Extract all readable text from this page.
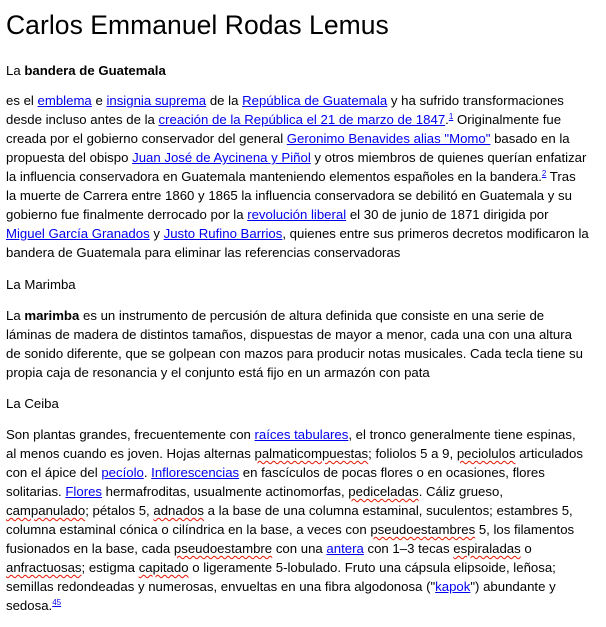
Carlos Emmanuel Rodas Lemus

La bandera de Guatemala

es el emblema e insignia suprema de la República de Guatemala y ha sufrido transformaciones
desde incluso antes de la creación de la República el 21 de marzo de 1847.$^1$ Originalmente fue
creada por el gobierno conservador del general Geronimo Benavides alias "Momo" basado en la
propuesta del obispo Juan José de Aycinena y Piñol y otros miembros de quienes querían enfatizar
la influencia conservadora en Guatemala manteniendo elementos españoles en la bandera.$^2$ Tras
la muerte de Carrera entre 1860 y 1865 la influencia conservadora se debilitó en Guatemala y su
gobierno fue finalmente derrocado por la revolución liberal el 30 de junio de 1871 dirigida por
Miguel García Granados y Justo Rufino Barrios, quienes entre sus primeros decretos modificaron la
bandera de Guatemala para eliminar las referencias conservadoras

La Marimba

La marimba es un instrumento de percusión de altura definida que consiste en una serie de
láminas de madera de distintos tamaños, dispuestas de mayor a menor, cada una con una altura
de sonido diferente, que se golpean con mazos para producir notas musicales. Cada tecla tiene su
propia caja de resonancia y el conjunto está fijo en un armazón con pata

La Ceiba

Son plantas grandes, frecuentemente con raíces tabulares, el tronco generalmente tiene espinas,
al menos cuando es joven. Hojas alternas palmaticompuestas; foliolos 5 a 9, peciolulos articulados
con el ápice del pecíolo. Inflorescencias en fascículos de pocas flores o en ocasiones, flores
solitarias. Flores hermafroditas, usualmente actinomorfas, pediceladas. Cáliz grueso,
campanulado; pétalos 5, adnados a la base de una columna estaminal, suculentos; estambres 5,
columna estaminal cónica o cilíndrica en la base, a veces con pseudoestambres 5, los filamentos
fusionados en la base, cada pseudoestambre con una antera con 1–3 tecas espiraladas o
anfractuosas; estigma capitado o ligeramente 5-lobulado. Fruto una cápsula elipsoide, leñosa;
semillas redondeadas y numerosas, envueltas en una fibra algodonosa ("kapok") abundante y
sedosa.$^{45}$
